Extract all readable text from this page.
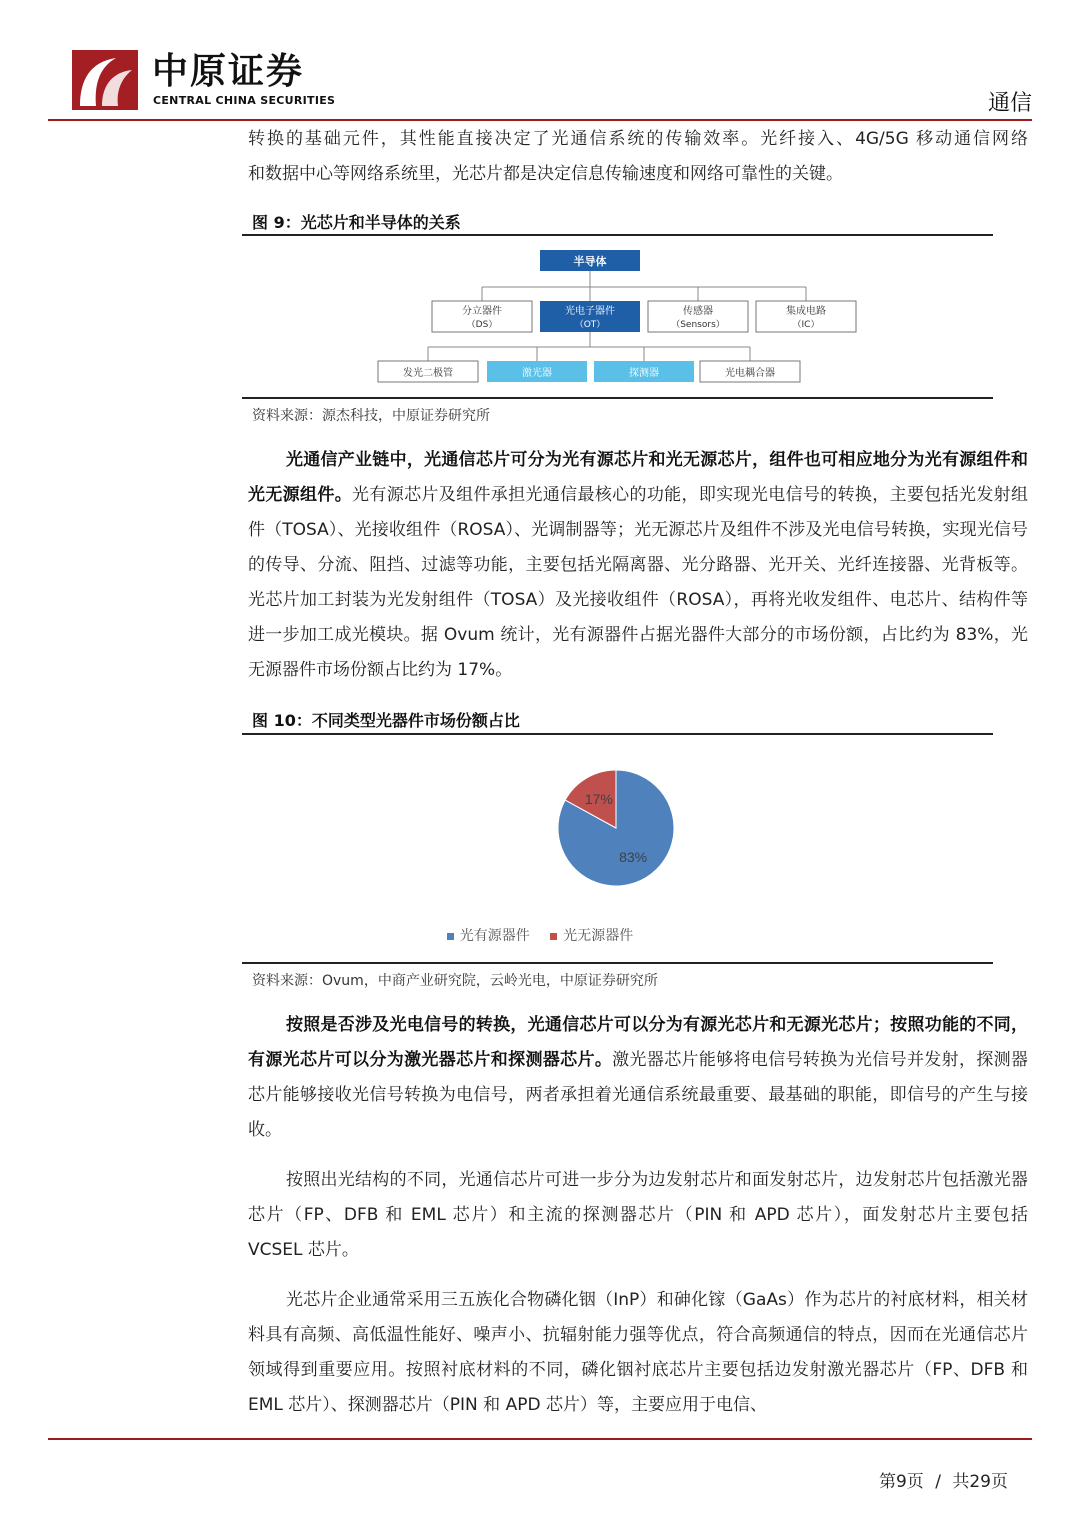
中原证券
CENTRAL CHINA SECURITIES	通信
转换的基础元件，其性能直接决定了光通信系统的传输效率。光纤接入、4G/5G 移动通信网络
和数据中心等网络系统里，光芯片都是决定信息传输速度和网络可靠性的关键。
图 9：光芯片和半导体的关系
半导体
分立器件
（DS）
光电子器件
（OT）
传感器
（Sensors）
集成电路
（IC）
发光二极管	激光器	探测器	光电耦合器
资料来源：源杰科技，中原证券研究所

光通信产业链中，光通信芯片可分为光有源芯片和光无源芯片，组件也可相应地分为光有源组件和光无源组件。光有源芯片及组件承担光通信最核心的功能，即实现光电信号的转换，主要包括光发射组件（TOSA）、光接收组件（ROSA）、光调制器等；光无源芯片及组件不涉及光电信号转换，实现光信号的传导、分流、阻挡、过滤等功能，主要包括光隔离器、光分路器、光开关、光纤连接器、光背板等。光芯片加工封装为光发射组件（TOSA）及光接收组件（ROSA），再将光收发组件、电芯片、结构件等进一步加工成光模块。据 Ovum 统计，光有源器件占据光器件大部分的市场份额，占比约为 83%，光无源器件市场份额占比约为 17%。

图 10：不同类型光器件市场份额占比
83%
17%
光有源器件 光无源器件
资料来源：Ovum，中商产业研究院，云岭光电，中原证券研究所

按照是否涉及光电信号的转换，光通信芯片可以分为有源光芯片和无源光芯片；按照功能的不同，有源光芯片可以分为激光器芯片和探测器芯片。激光器芯片能够将电信号转换为光信号并发射，探测器芯片能够接收光信号转换为电信号，两者承担着光通信系统最重要、最基础的职能，即信号的产生与接收。

按照出光结构的不同，光通信芯片可进一步分为边发射芯片和面发射芯片，边发射芯片包括激光器芯片（FP、DFB 和 EML 芯片）和主流的探测器芯片（PIN 和 APD 芯片），面发射芯片主要包括 VCSEL 芯片。

光芯片企业通常采用三五族化合物磷化铟（InP）和砷化镓（GaAs）作为芯片的衬底材料，相关材料具有高频、高低温性能好、噪声小、抗辐射能力强等优点，符合高频通信的特点，因而在光通信芯片领域得到重要应用。按照衬底材料的不同，磷化铟衬底芯片主要包括边发射激光器芯片（FP、DFB 和 EML 芯片）、探测器芯片（PIN 和 APD 芯片）等，主要应用于电信、

第9页 / 共29页
